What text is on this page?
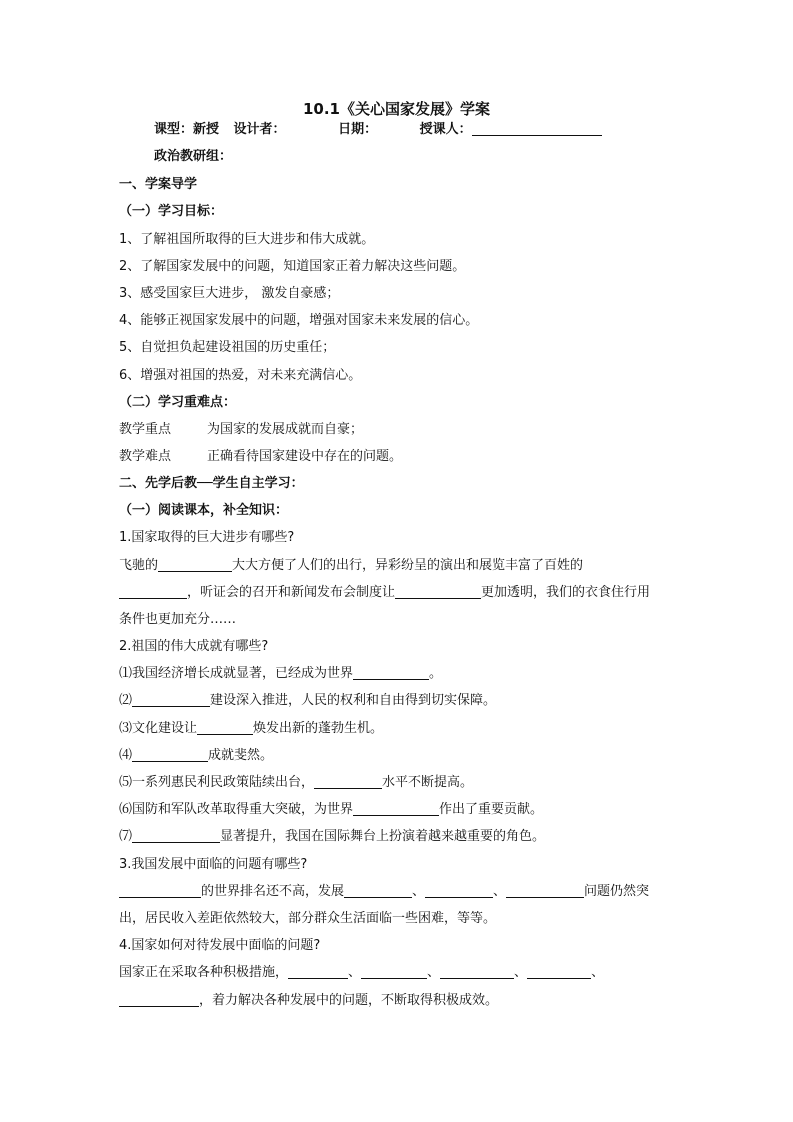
10.1《关心国家发展》学案
课型：新授 设计者：	日期：	授课人：
政治教研组：
一、学案导学
（一）学习目标：
1、了解祖国所取得的巨大进步和伟大成就。
2、了解国家发展中的问题，知道国家正着力解决这些问题。
3、感受国家巨大进步， 激发自豪感；
4、能够正视国家发展中的问题，增强对国家未来发展的信心。
5、自觉担负起建设祖国的历史重任；
6、增强对祖国的热爱，对未来充满信心。
（二）学习重难点：
教学重点	为国家的发展成就而自豪；
教学难点	正确看待国家建设中存在的问题。
二、先学后教──学生自主学习：
（一）阅读课本，补全知识：
1.国家取得的巨大进步有哪些?
飞驰的	大大方便了人们的出行，异彩纷呈的演出和展览丰富了百姓的
，听证会的召开和新闻发布会制度让	更加透明，我们的衣食住行用
条件也更加充分……
2.祖国的伟大成就有哪些?
⑴我国经济增长成就显著，已经成为世界	。
⑵	建设深入推进，人民的权利和自由得到切实保障。
⑶文化建设让	焕发出新的蓬勃生机。
⑷	成就斐然。
⑸一系列惠民利民政策陆续出台，	水平不断提高。
⑹国防和军队改革取得重大突破，为世界	作出了重要贡献。
⑺	显著提升，我国在国际舞台上扮演着越来越重要的角色。
3.我国发展中面临的问题有哪些?
的世界排名还不高，发展	、	、	问题仍然突
出，居民收入差距依然较大，部分群众生活面临一些困难，等等。
4.国家如何对待发展中面临的问题?
国家正在采取各种积极措施，	、	、	、	、
，着力解决各种发展中的问题，不断取得积极成效。
